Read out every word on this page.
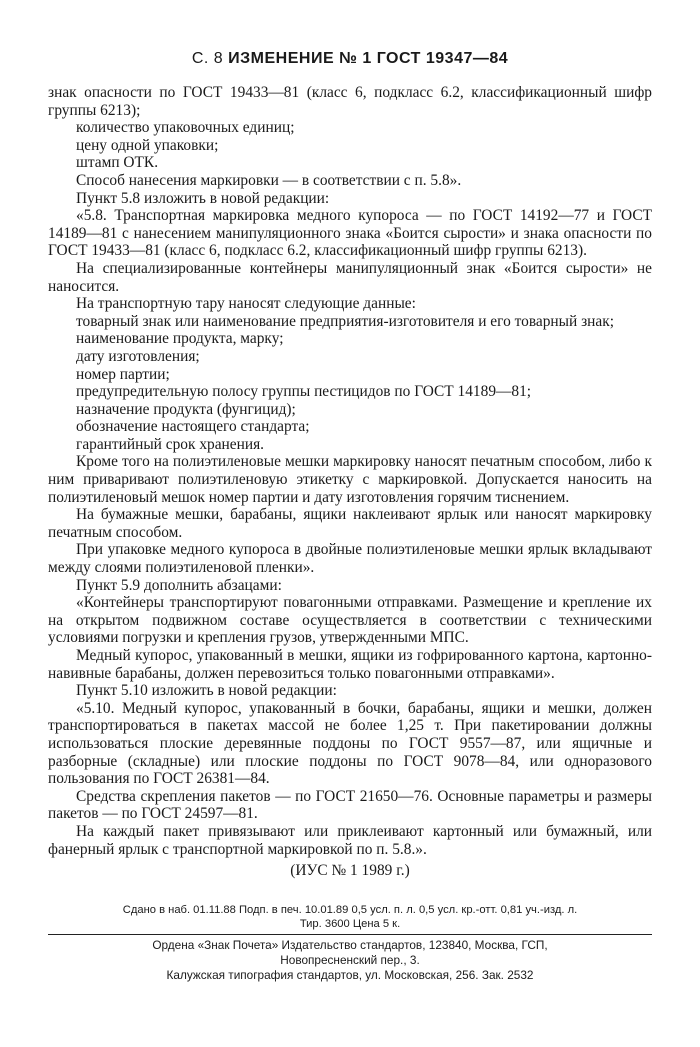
С. 8 ИЗМЕНЕНИЕ № 1 ГОСТ 19347—84

знак опасности по ГОСТ 19433—81 (класс 6, подкласс 6.2, классификационный шифр группы 6213);

количество упаковочных единиц;

цену одной упаковки;

штамп ОТК.

Способ нанесения маркировки — в соответствии с п. 5.8».

Пункт 5.8 изложить в новой редакции:

«5.8. Транспортная маркировка медного купороса — по ГОСТ 14192—77 и ГОСТ 14189—81 с нанесением манипуляционного знака «Боится сырости» и знака опасности по ГОСТ 19433—81 (класс 6, подкласс 6.2, классификационный шифр группы 6213).

На специализированные контейнеры манипуляционный знак «Боится сырости» не наносится.

На транспортную тару наносят следующие данные:

товарный знак или наименование предприятия-изготовителя и его товарный знак;

наименование продукта, марку;

дату изготовления;

номер партии;

предупредительную полосу группы пестицидов по ГОСТ 14189—81;

назначение продукта (фунгицид);

обозначение настоящего стандарта;

гарантийный срок хранения.

Кроме того на полиэтиленовые мешки маркировку наносят печатным способом, либо к ним приваривают полиэтиленовую этикетку с маркировкой. Допускается наносить на полиэтиленовый мешок номер партии и дату изготовления горячим тиснением.

На бумажные мешки, барабаны, ящики наклеивают ярлык или наносят маркировку печатным способом.

При упаковке медного купороса в двойные полиэтиленовые мешки ярлык вкладывают между слоями полиэтиленовой пленки».

Пункт 5.9 дополнить абзацами:

«Контейнеры транспортируют повагонными отправками. Размещение и крепление их на открытом подвижном составе осуществляется в соответствии с техническими условиями погрузки и крепления грузов, утвержденными МПС.

Медный купорос, упакованный в мешки, ящики из гофрированного картона, картонно-навивные барабаны, должен перевозиться только повагонными отправками».

Пункт 5.10 изложить в новой редакции:

«5.10. Медный купорос, упакованный в бочки, барабаны, ящики и мешки, должен транспортироваться в пакетах массой не более 1,25 т. При пакетировании должны использоваться плоские деревянные поддоны по ГОСТ 9557—87, или ящичные и разборные (складные) или плоские поддоны по ГОСТ 9078—84, или одноразового пользования по ГОСТ 26381—84.

Средства скрепления пакетов — по ГОСТ 21650—76. Основные параметры и размеры пакетов — по ГОСТ 24597—81.

На каждый пакет привязывают или приклеивают картонный или бумажный, или фанерный ярлык с транспортной маркировкой по п. 5.8.».

(ИУС № 1 1989 г.)

Сдано в наб. 01.11.88 Подп. в печ. 10.01.89 0,5 усл. п. л. 0,5 усл. кр.-отт. 0,81 уч.-изд. л.
Тир. 3600 Цена 5 к.
Ордена «Знак Почета» Издательство стандартов, 123840, Москва, ГСП,
Новопресненский пер., 3.
Калужская типография стандартов, ул. Московская, 256. Зак. 2532
